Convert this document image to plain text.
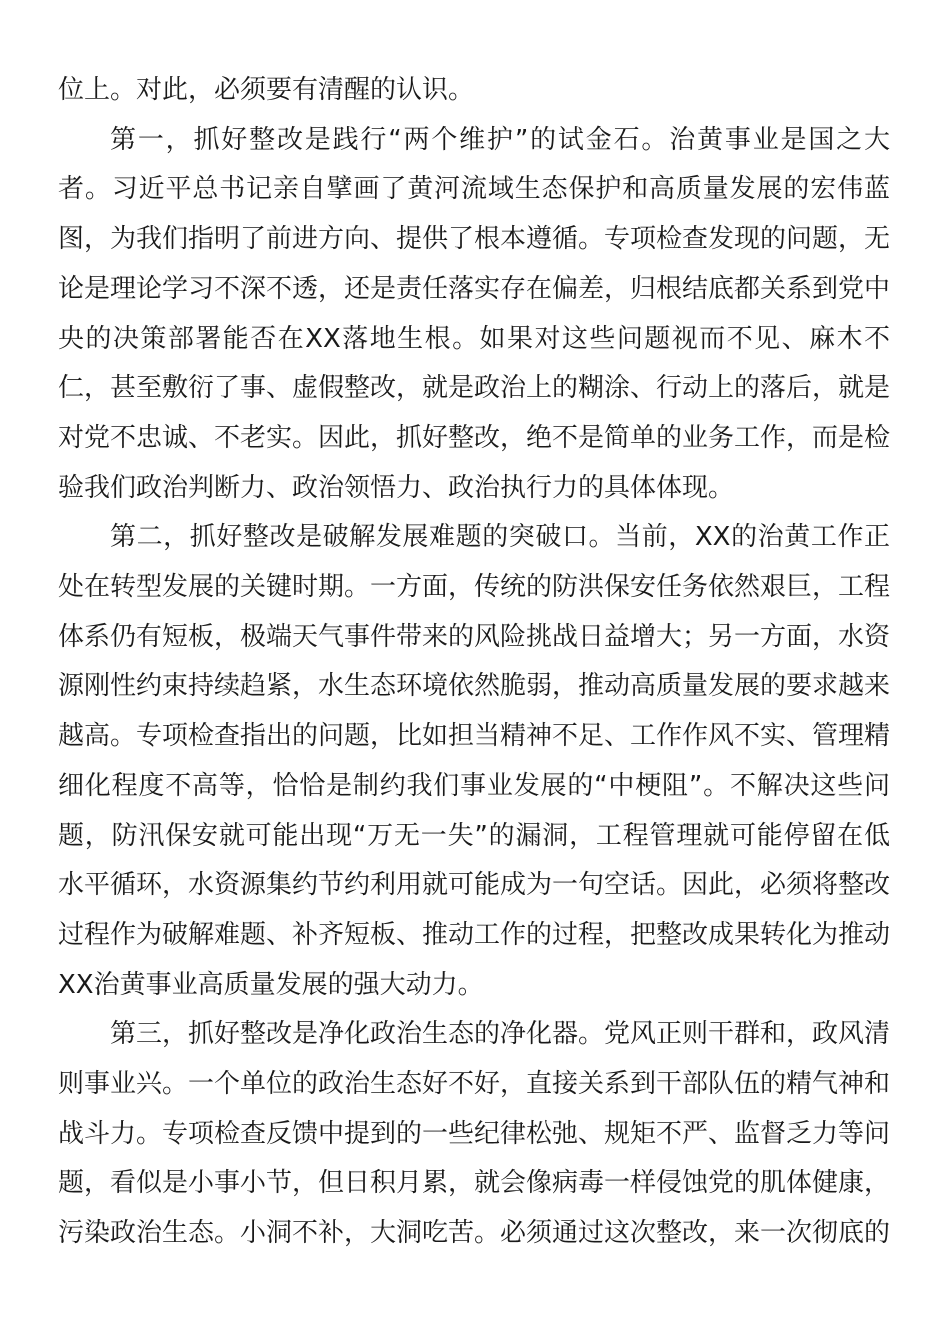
位上。对此，必须要有清醒的认识。

第一，抓好整改是践行“两个维护”的试金石。治黄事业是国之大者。习近平总书记亲自擘画了黄河流域生态保护和高质量发展的宏伟蓝图，为我们指明了前进方向、提供了根本遵循。专项检查发现的问题，无论是理论学习不深不透，还是责任落实存在偏差，归根结底都关系到党中央的决策部署能否在XX落地生根。如果对这些问题视而不见、麻木不仁，甚至敷衍了事、虚假整改，就是政治上的糊涂、行动上的落后，就是对党不忠诚、不老实。因此，抓好整改，绝不是简单的业务工作，而是检验我们政治判断力、政治领悟力、政治执行力的具体体现。

第二，抓好整改是破解发展难题的突破口。当前，XX的治黄工作正处在转型发展的关键时期。一方面，传统的防洪保安任务依然艰巨，工程体系仍有短板，极端天气事件带来的风险挑战日益增大；另一方面，水资源刚性约束持续趋紧，水生态环境依然脆弱，推动高质量发展的要求越来越高。专项检查指出的问题，比如担当精神不足、工作作风不实、管理精细化程度不高等，恰恰是制约我们事业发展的“中梗阻”。不解决这些问题，防汛保安就可能出现“万无一失”的漏洞，工程管理就可能停留在低水平循环，水资源集约节约利用就可能成为一句空话。因此，必须将整改过程作为破解难题、补齐短板、推动工作的过程，把整改成果转化为推动XX治黄事业高质量发展的强大动力。

第三，抓好整改是净化政治生态的净化器。党风正则干群和，政风清则事业兴。一个单位的政治生态好不好，直接关系到干部队伍的精气神和战斗力。专项检查反馈中提到的一些纪律松弛、规矩不严、监督乏力等问题，看似是小事小节，但日积月累，就会像病毒一样侵蚀党的肌体健康，污染政治生态。小洞不补，大洞吃苦。必须通过这次整改，来一次彻底的
